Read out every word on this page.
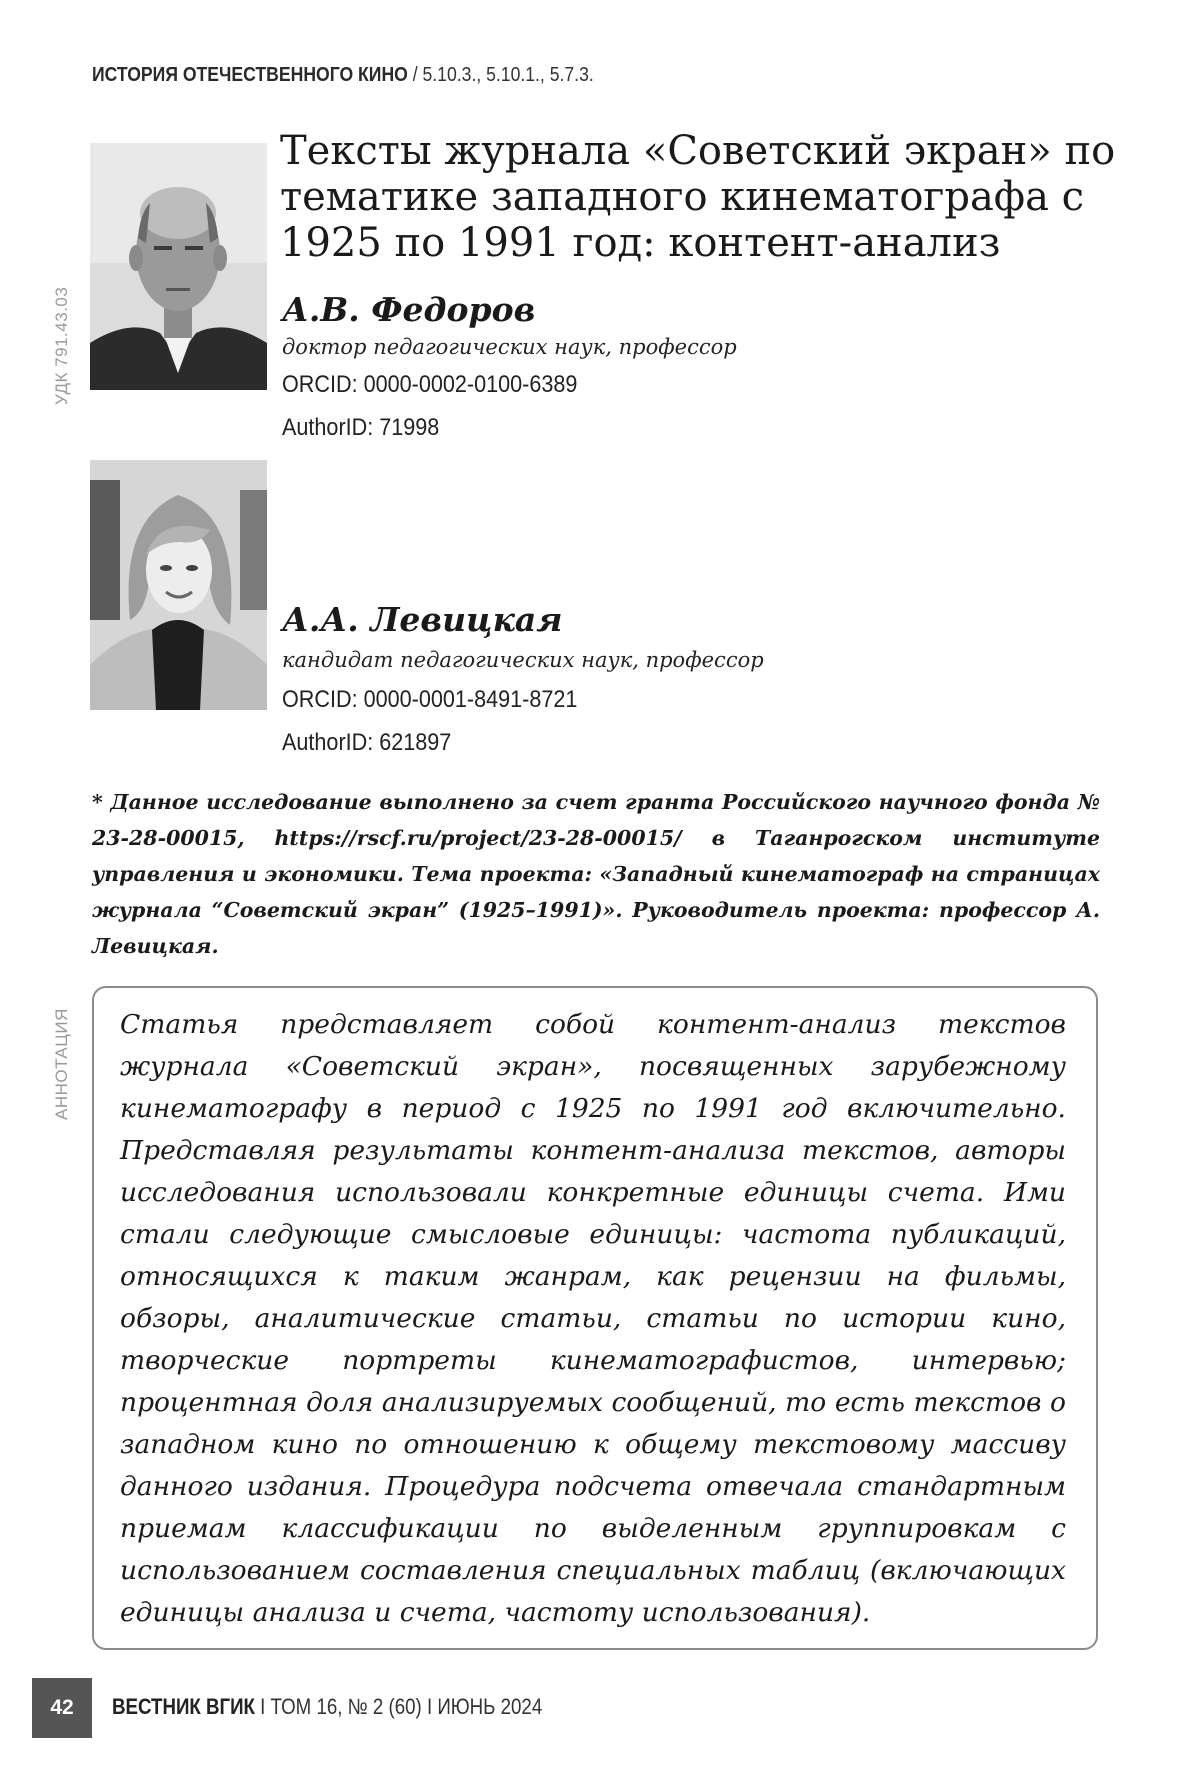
ИСТОРИЯ ОТЕЧЕСТВЕННОГО КИНО / 5.10.3., 5.10.1., 5.7.3.
УДК 791.43.03
АННОТАЦИЯ
Тексты журнала «Советский экран» по тематике западного кинематографа с 1925 по 1991 год: контент-анализ
А.В. Федоров
доктор педагогических наук, профессор
ORCID: 0000-0002-0100-6389
AuthorID: 71998
А.А. Левицкая
кандидат педагогических наук, профессор
ORCID: 0000-0001-8491-8721
AuthorID: 621897
* Данное исследование выполнено за счет гранта Российского научного фонда № 23-28-00015, https://rscf.ru/project/23-28-00015/ в Таганрогском институте управления и экономики. Тема проекта: «Западный кинематограф на страницах журнала “Советский экран” (1925–1991)». Руководитель проекта: профессор А. Левицкая.
Статья представляет собой контент-анализ текстов журнала «Советский экран», посвященных зарубежному кинематографу в период с 1925 по 1991 год включительно. Представляя результаты контент-анализа текстов, авторы исследования использовали конкретные единицы счета. Ими стали следующие смысловые единицы: частота публикаций, относящихся к таким жанрам, как рецензии на фильмы, обзоры, аналитические статьи, статьи по истории кино, творческие портреты кинематографистов, интервью; процентная доля анализируемых сообщений, то есть текстов о западном кино по отношению к общему текстовому массиву данного издания. Процедура подсчета отвечала стандартным приемам классификации по выделенным группировкам с использованием составления специальных таблиц (включающих единицы анализа и счета, частоту использования).
42	ВЕСТНИК ВГИК I ТОМ 16, № 2 (60) I ИЮНЬ 2024
